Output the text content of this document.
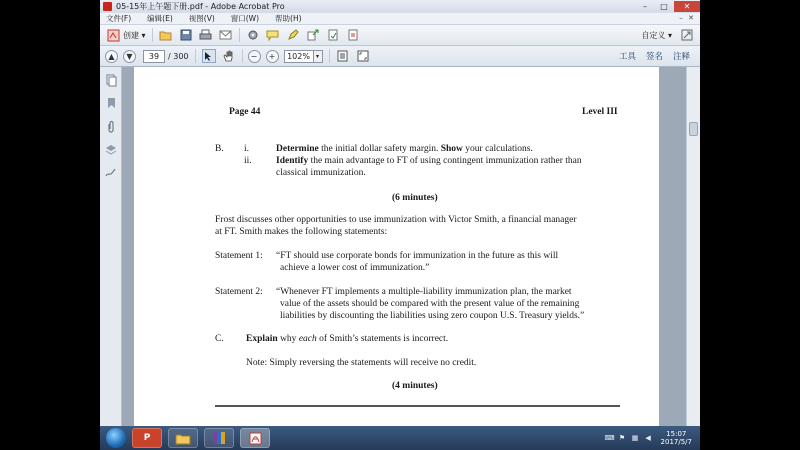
05-15年上午题下册.pdf - Adobe Acrobat Pro	–	□	✕
文件(F) 编辑(E) 视图(V) 窗口(W) 帮助(H)	– ✕
创建 ▾	自定义 ▾
▲	▼	39	/ 300	−	+	102%	▾	工具 签名 注释
Page 44	Level III
B. i.	Determine the initial dollar safety margin. Show your calculations.
ii.	Identify the main advantage to FT of using contingent immunization rather than
classical immunization.
(6 minutes)
Frost discusses other opportunities to use immunization with Victor Smith, a financial manager
at FT. Smith makes the following statements:
Statement 1: “FT should use corporate bonds for immunization in the future as this will
achieve a lower cost of immunization.”
Statement 2: “Whenever FT implements a multiple-liability immunization plan, the market
value of the assets should be compared with the present value of the remaining
liabilities by discounting the liabilities using zero coupon U.S. Treasury yields.”
C. Explain why each of Smith’s statements is incorrect.
Note: Simply reversing the statements will receive no credit.
(4 minutes)
P	⌨ ⚑ ▦ ◀	15:07
2017/5/7
